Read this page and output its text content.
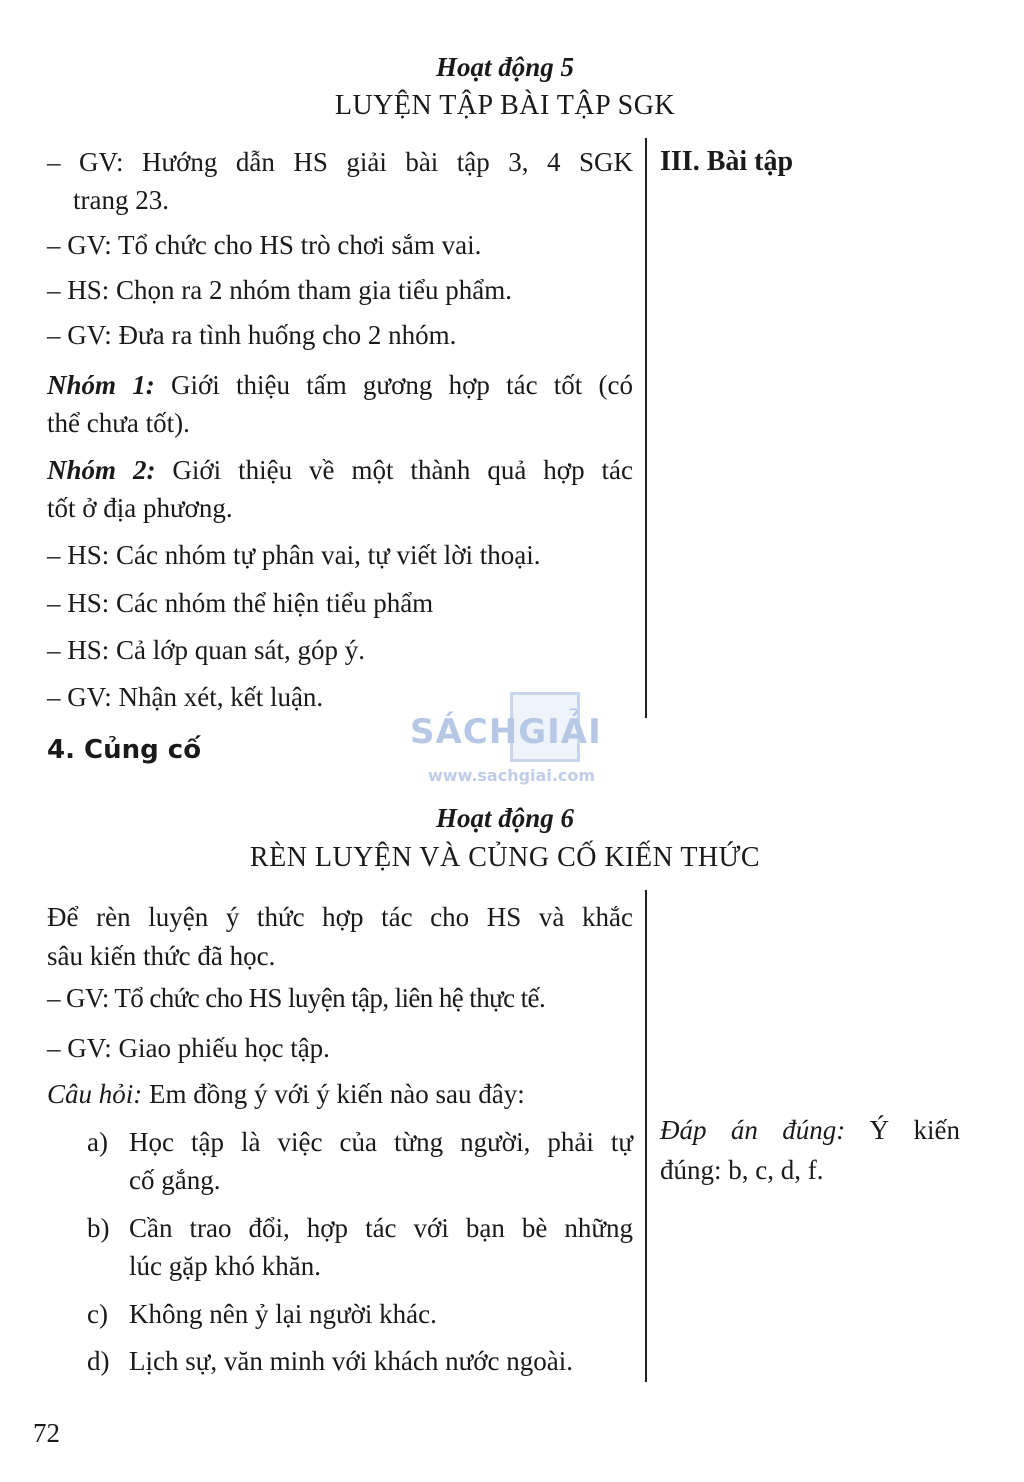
Hoạt động 5
LUYỆN TẬP BÀI TẬP SGK
III. Bài tập
– GV: Hướng dẫn HS giải bài tập 3, 4 SGK
trang 23.
– GV: Tổ chức cho HS trò chơi sắm vai.
– HS: Chọn ra 2 nhóm tham gia tiểu phẩm.
– GV: Đưa ra tình huống cho 2 nhóm.
Nhóm 1: Giới thiệu tấm gương hợp tác tốt (có
thể chưa tốt).
Nhóm 2: Giới thiệu về một thành quả hợp tác
tốt ở địa phương.
– HS: Các nhóm tự phân vai, tự viết lời thoại.
– HS: Các nhóm thể hiện tiểu phẩm
– HS: Cả lớp quan sát, góp ý.
– GV: Nhận xét, kết luận.
4. Củng cố	SÁCHGIẢI
www.sachgiai.com
Hoạt động 6
RÈN LUYỆN VÀ CỦNG CỐ KIẾN THỨC
Để rèn luyện ý thức hợp tác cho HS và khắc
sâu kiến thức đã học.
– GV: Tổ chức cho HS luyện tập, liên hệ thực tế.
– GV: Giao phiếu học tập.
Câu hỏi: Em đồng ý với ý kiến nào sau đây:
a) Học tập là việc của từng người, phải tự
cố gắng.
b) Cần trao đổi, hợp tác với bạn bè những
lúc gặp khó khăn.
c) Không nên ỷ lại người khác.
d) Lịch sự, văn minh với khách nước ngoài.
Đáp án đúng: Ý kiến
đúng: b, c, d, f.
72
